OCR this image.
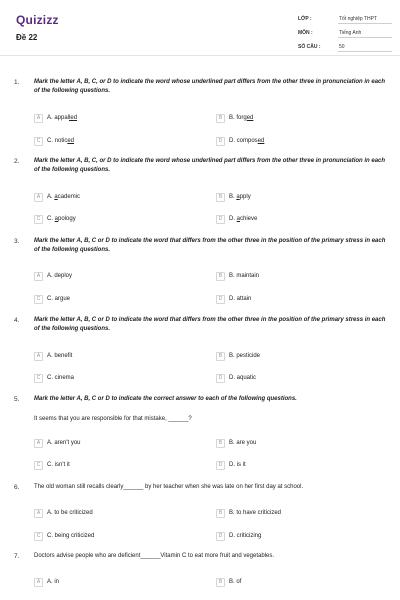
Quizizz
Đề 22
LỚP :	Tốt nghiệp THPT
MÔN :	Tiếng Anh
SỐ CÂU :	50
1. Mark the letter A, B, C, or D to indicate the word whose underlined part differs from the other three in pronunciation in each of the following questions.
A	A. appalled	B	B. forged
C	C. noticed	D	D. composed
2. Mark the letter A, B, C, or D to indicate the word whose underlined part differs from the other three in pronunciation in each of the following questions.
A	A. academic	B	B. apply
C	C. apology	D	D. achieve
3. Mark the letter A, B, C or D to indicate the word that differs from the other three in the position of the primary stress in each of the following questions.
A	A. deploy	B	B. maintain
C	C. argue	D	D. attain
4. Mark the letter A, B, C or D to indicate the word that differs from the other three in the position of the primary stress in each of the following questions.
A	A. benefit	B	B. pesticide
C	C. cinema	D	D. aquatic
5. Mark the letter A, B, C or D to indicate the correct answer to each of the following questions.
It seems that you are responsible for that mistake, ______?
A	A. aren't you	B	B. are you
C	C. isn't it	D	D. is it
6. The old woman still recalls clearly______ by her teacher when she was late on her first day at school.
A	A. to be criticized	B	B. to have criticized
C	C. being criticized	D	D. criticizing
7. Doctors advise people who are deficient______Vitamin C to eat more fruit and vegetables.
A	A. in	B	B. of
